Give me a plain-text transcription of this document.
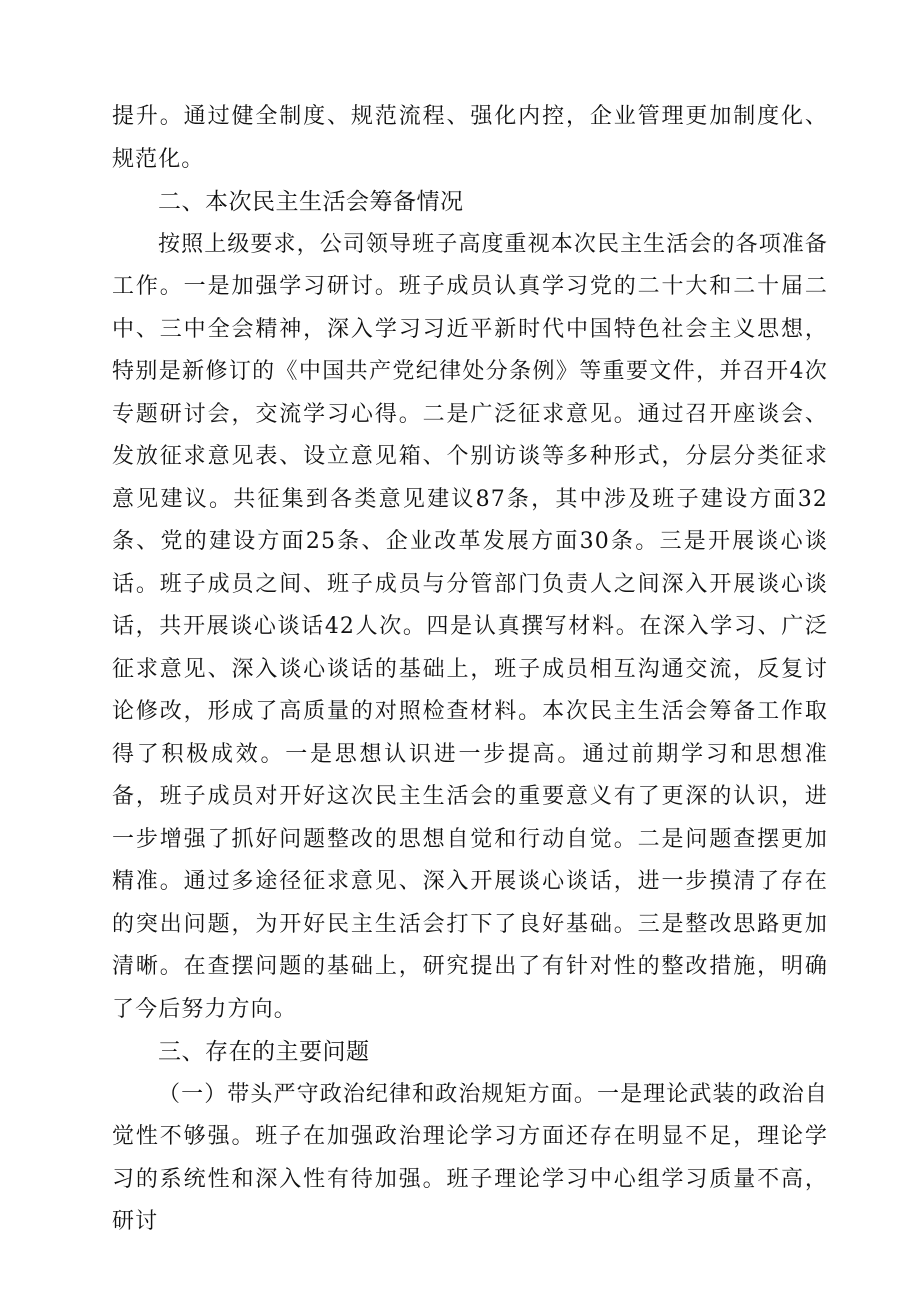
提升。通过健全制度、规范流程、强化内控，企业管理更加制度化、规范化。

二、本次民主生活会筹备情况

按照上级要求，公司领导班子高度重视本次民主生活会的各项准备工作。一是加强学习研讨。班子成员认真学习党的二十大和二十届二中、三中全会精神，深入学习习近平新时代中国特色社会主义思想，特别是新修订的《中国共产党纪律处分条例》等重要文件，并召开4次专题研讨会，交流学习心得。二是广泛征求意见。通过召开座谈会、发放征求意见表、设立意见箱、个别访谈等多种形式，分层分类征求意见建议。共征集到各类意见建议87条，其中涉及班子建设方面32条、党的建设方面25条、企业改革发展方面30条。三是开展谈心谈话。班子成员之间、班子成员与分管部门负责人之间深入开展谈心谈话，共开展谈心谈话42人次。四是认真撰写材料。在深入学习、广泛征求意见、深入谈心谈话的基础上，班子成员相互沟通交流，反复讨论修改，形成了高质量的对照检查材料。本次民主生活会筹备工作取得了积极成效。一是思想认识进一步提高。通过前期学习和思想准备，班子成员对开好这次民主生活会的重要意义有了更深的认识，进一步增强了抓好问题整改的思想自觉和行动自觉。二是问题查摆更加精准。通过多途径征求意见、深入开展谈心谈话，进一步摸清了存在的突出问题，为开好民主生活会打下了良好基础。三是整改思路更加清晰。在查摆问题的基础上，研究提出了有针对性的整改措施，明确了今后努力方向。

三、存在的主要问题

（一）带头严守政治纪律和政治规矩方面。一是理论武装的政治自觉性不够强。班子在加强政治理论学习方面还存在明显不足，理论学习的系统性和深入性有待加强。班子理论学习中心组学习质量不高，研讨
